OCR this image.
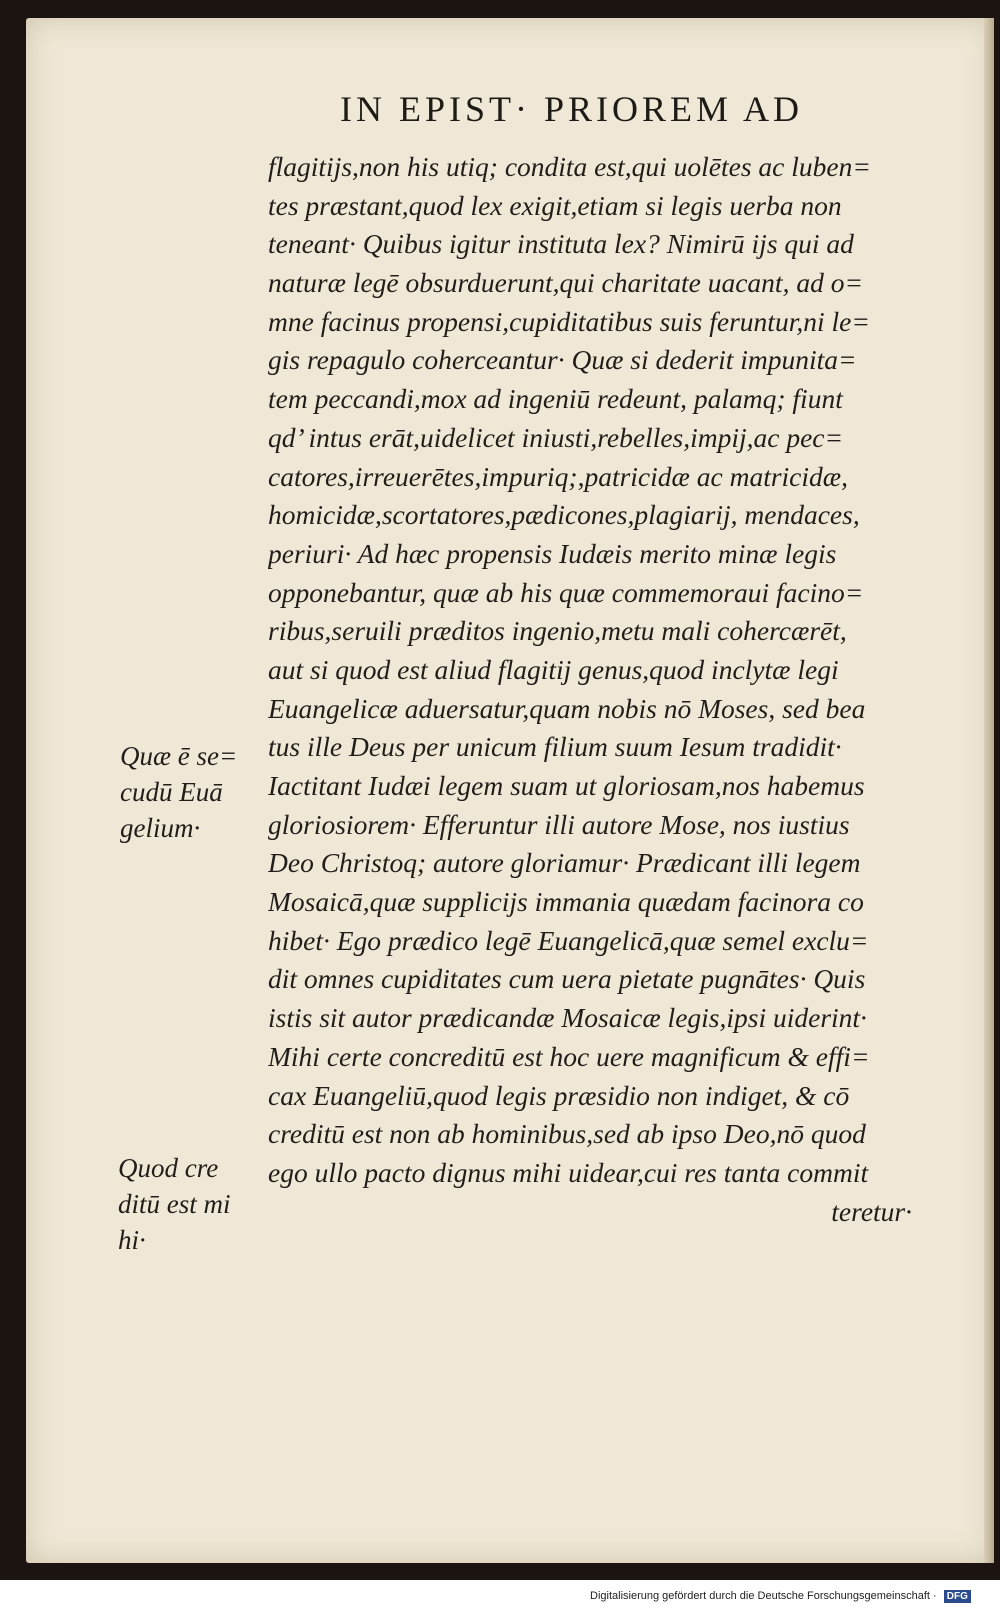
IN EPIST· PRIOREM AD
flagitijs,non his utiq; condita est,qui uolētes ac luben=
tes præstant,quod lex exigit,etiam si legis uerba non
teneant· Quibus igitur instituta lex? Nimirū ijs qui ad
naturæ legē obsurduerunt,qui charitate uacant, ad o=
mne facinus propensi,cupiditatibus suis feruntur,ni le=
gis repagulo coherceantur· Quæ si dederit impunita=
tem peccandi,mox ad ingeniū redeunt, palamq; fiunt
qd’ intus erāt,uidelicet iniusti,rebelles,impij,ac pec=
catores,irreuerētes,impuriq;,patricidæ ac matricidæ,
homicidæ,scortatores,pædicones,plagiarij, mendaces,
periuri· Ad hæc propensis Iudæis merito minæ legis
opponebantur, quæ ab his quæ commemoraui facino=
ribus,seruili præditos ingenio,metu mali cohercærēt,
aut si quod est aliud flagitij genus,quod inclytæ legi
Euangelicæ aduersatur,quam nobis nō Moses, sed bea
tus ille Deus per unicum filium suum Iesum tradidit·
Iactitant Iudæi legem suam ut gloriosam,nos habemus
gloriosiorem· Efferuntur illi autore Mose, nos iustius
Deo Christoq; autore gloriamur· Prædicant illi legem
Mosaicā,quæ supplicijs immania quædam facinora co
hibet· Ego prædico legē Euangelicā,quæ semel exclu=
dit omnes cupiditates cum uera pietate pugnātes· Quis
istis sit autor prædicandæ Mosaicæ legis,ipsi uiderint·
Mihi certe concreditū est hoc uere magnificum & effi=
cax Euangeliū,quod legis præsidio non indiget, & cō
creditū est non ab hominibus,sed ab ipso Deo,nō quod
ego ullo pacto dignus mihi uidear,cui res tanta commit
teretur·
Quæ ē se=
cudū Euā
gelium·
Quod cre
ditū est mi
hi·
Digitalisierung gefördert durch die Deutsche Forschungsgemeinschaft · DFG
